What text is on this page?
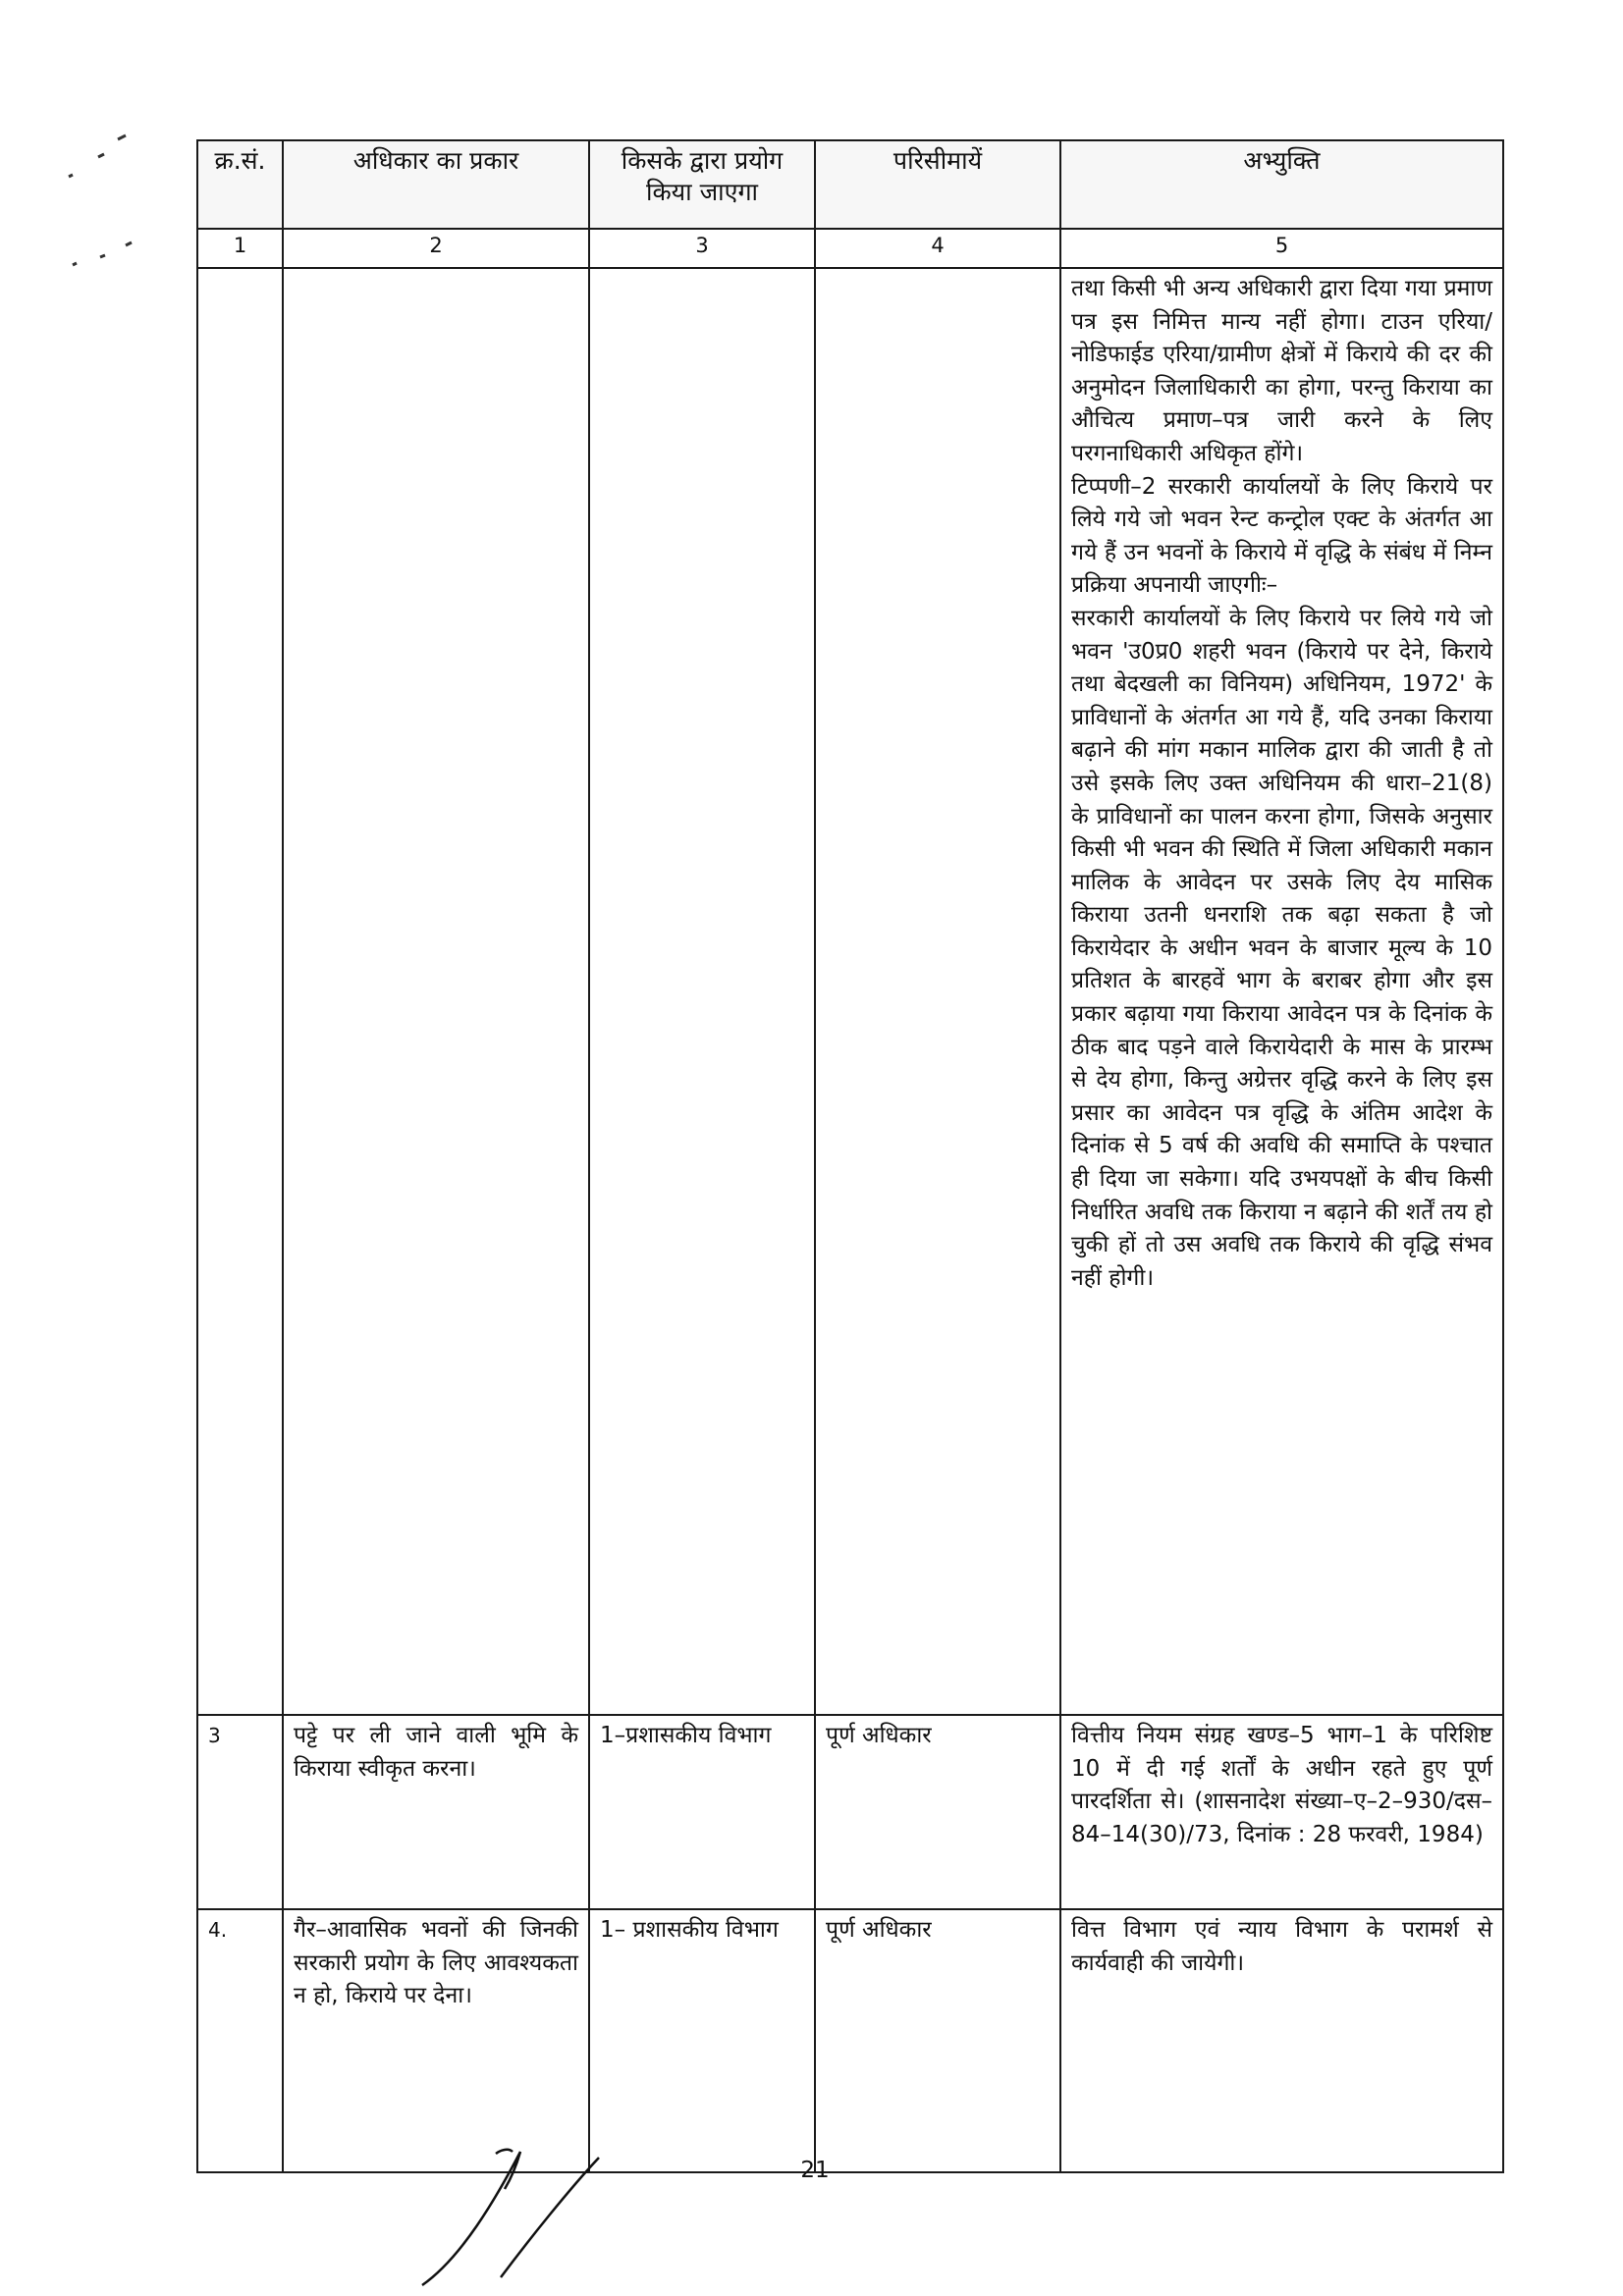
क्र.सं.	अधिकार का प्रकार	किसके द्वारा प्रयोग किया जाएगा	परिसीमायें	अभ्युक्ति
1	2	3	4	5

				तथा किसी भी अन्य अधिकारी द्वारा दिया गया प्रमाण पत्र इस निमित्त मान्य नहीं होगा। टाउन एरिया/नोडिफाईड एरिया/ग्रामीण क्षेत्रों में किराये की दर की अनुमोदन जिलाधिकारी का होगा, परन्तु किराया का औचित्य प्रमाण–पत्र जारी करने के लिए परगनाधिकारी अधिकृत होंगे।
टिप्पणी–2 सरकारी कार्यालयों के लिए किराये पर लिये गये जो भवन रेन्ट कन्ट्रोल एक्ट के अंतर्गत आ गये हैं उन भवनों के किराये में वृद्धि के संबंध में निम्न प्रक्रिया अपनायी जाएगीः–
सरकारी कार्यालयों के लिए किराये पर लिये गये जो भवन 'उ0प्र0 शहरी भवन (किराये पर देने, किराये तथा बेदखली का विनियम) अधिनियम, 1972' के प्राविधानों के अंतर्गत आ गये हैं, यदि उनका किराया बढ़ाने की मांग मकान मालिक द्वारा की जाती है तो उसे इसके लिए उक्त अधिनियम की धारा–21(8) के प्राविधानों का पालन करना होगा, जिसके अनुसार किसी भी भवन की स्थिति में जिला अधिकारी मकान मालिक के आवेदन पर उसके लिए देय मासिक किराया उतनी धनराशि तक बढ़ा सकता है जो किरायेदार के अधीन भवन के बाजार मूल्य के 10 प्रतिशत के बारहवें भाग के बराबर होगा और इस प्रकार बढ़ाया गया किराया आवेदन पत्र के दिनांक के ठीक बाद पड़ने वाले किरायेदारी के मास के प्रारम्भ से देय होगा, किन्तु अग्रेत्तर वृद्धि करने के लिए इस प्रसार का आवेदन पत्र वृद्धि के अंतिम आदेश के दिनांक से 5 वर्ष की अवधि की समाप्ति के पश्चात ही दिया जा सकेगा। यदि उभयपक्षों के बीच किसी निर्धारित अवधि तक किराया न बढ़ाने की शर्तें तय हो चुकी हों तो उस अवधि तक किराये की वृद्धि संभव नहीं होगी।

3	पट्टे पर ली जाने वाली भूमि के किराया स्वीकृत करना।	1–प्रशासकीय विभाग	पूर्ण अधिकार	वित्तीय नियम संग्रह खण्ड–5 भाग–1 के परिशिष्ट 10 में दी गई शर्तों के अधीन रहते हुए पूर्ण पारदर्शिता से। (शासनादेश संख्या–ए–2–930/दस–84–14(30)/73, दिनांक : 28 फरवरी, 1984)

4.	गैर–आवासिक भवनों की जिनकी सरकारी प्रयोग के लिए आवश्यकता न हो, किराये पर देना।	1– प्रशासकीय विभाग	पूर्ण अधिकार	वित्त विभाग एवं न्याय विभाग के परामर्श से कार्यवाही की जायेगी।
21
